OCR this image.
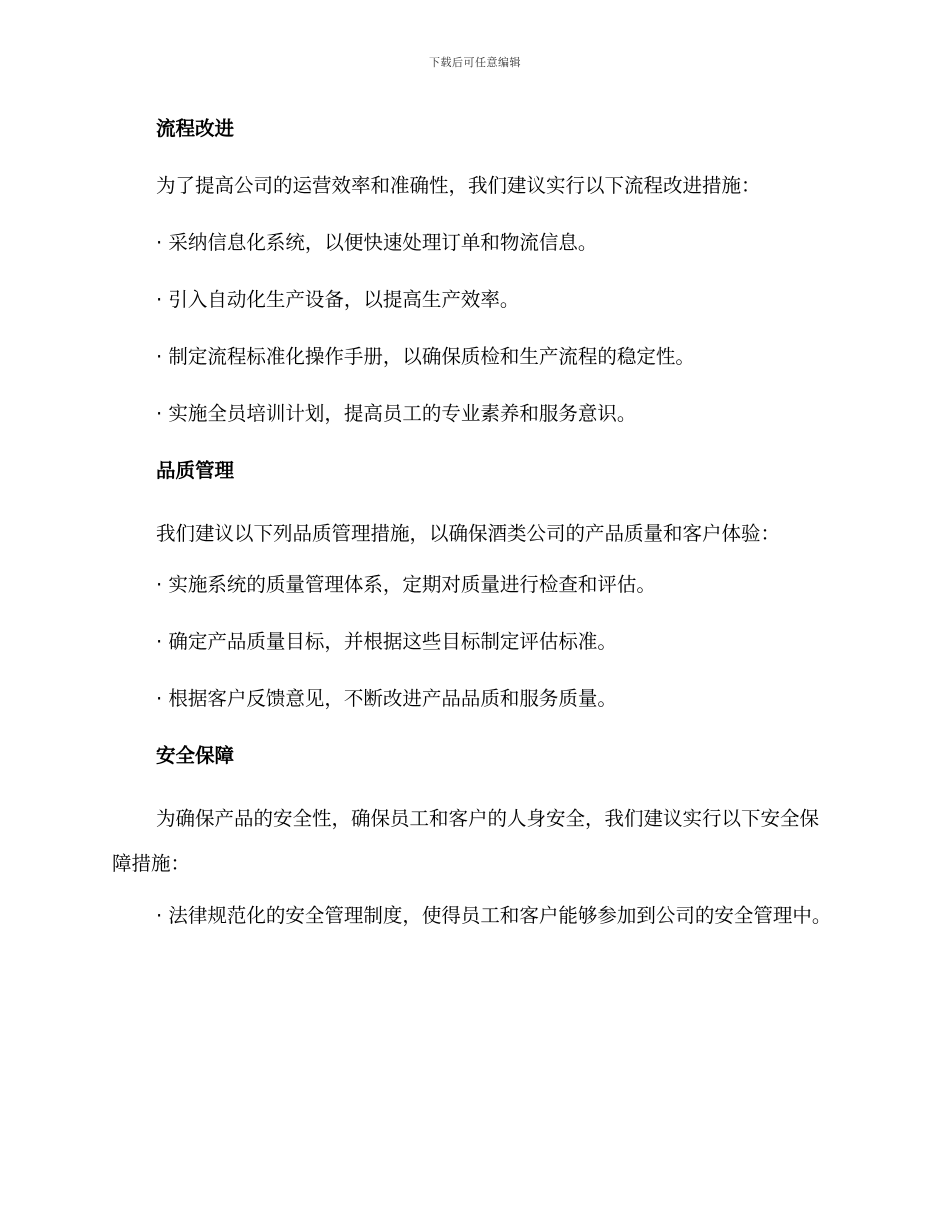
下载后可任意编辑
流程改进
为了提高公司的运营效率和准确性，我们建议实行以下流程改进措施：
· 采纳信息化系统，以便快速处理订单和物流信息。
· 引入自动化生产设备，以提高生产效率。
· 制定流程标准化操作手册，以确保质检和生产流程的稳定性。
· 实施全员培训计划，提高员工的专业素养和服务意识。
品质管理
我们建议以下列品质管理措施，以确保酒类公司的产品质量和客户体验：
· 实施系统的质量管理体系，定期对质量进行检查和评估。
· 确定产品质量目标，并根据这些目标制定评估标准。
· 根据客户反馈意见，不断改进产品品质和服务质量。
安全保障
为确保产品的安全性，确保员工和客户的人身安全，我们建议实行以下安全保障措施：
· 法律规范化的安全管理制度，使得员工和客户能够参加到公司的安全管理中。
